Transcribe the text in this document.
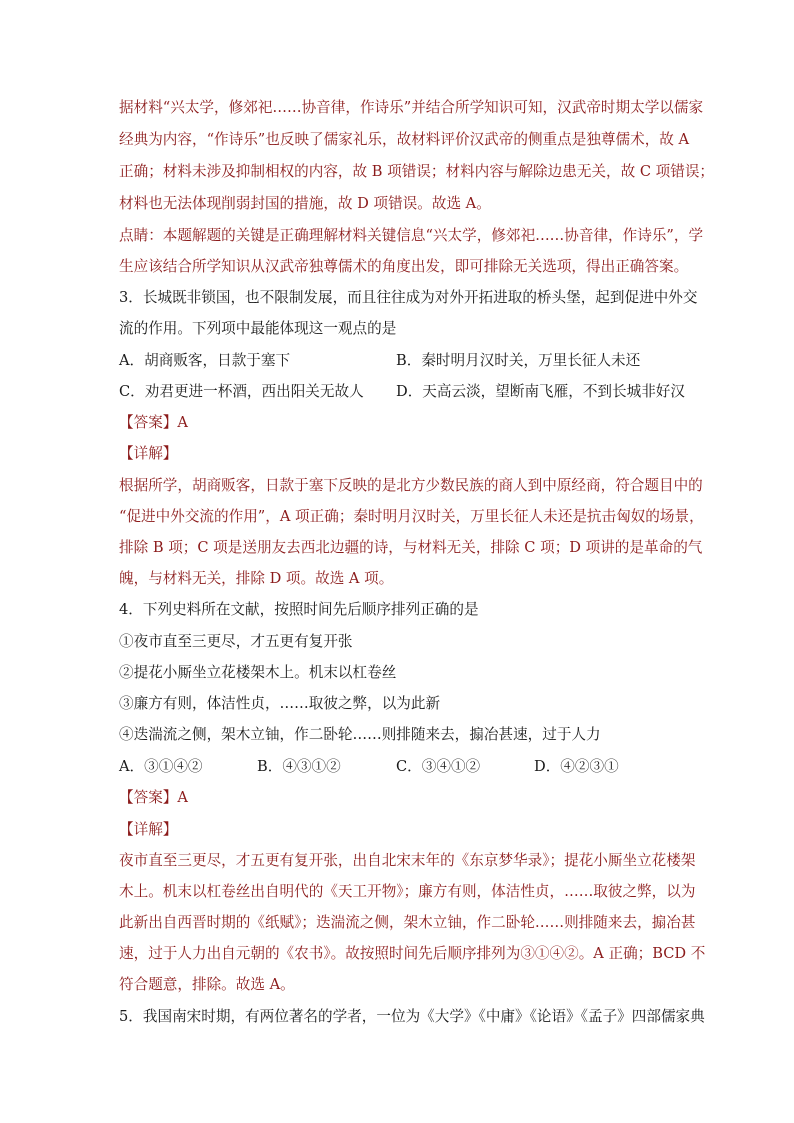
据材料“兴太学，修郊祀……协音律，作诗乐”并结合所学知识可知，汉武帝时期太学以儒家
经典为内容，“作诗乐”也反映了儒家礼乐，故材料评价汉武帝的侧重点是独尊儒术，故 A
正确；材料未涉及抑制相权的内容，故 B 项错误；材料内容与解除边患无关，故 C 项错误；
材料也无法体现削弱封国的措施，故 D 项错误。故选 A。
点睛：本题解题的关键是正确理解材料关键信息“兴太学，修郊祀……协音律，作诗乐”，学
生应该结合所学知识从汉武帝独尊儒术的角度出发，即可排除无关选项，得出正确答案。
3．长城既非锁国，也不限制发展，而且往往成为对外开拓进取的桥头堡，起到促进中外交
流的作用。下列项中最能体现这一观点的是
A．胡商贩客，日款于塞下	B．秦时明月汉时关，万里长征人未还
C．劝君更进一杯酒，西出阳关无故人 D．天高云淡，望断南飞雁，不到长城非好汉
【答案】A
【详解】
根据所学，胡商贩客，日款于塞下反映的是北方少数民族的商人到中原经商，符合题目中的
“促进中外交流的作用”，A 项正确；秦时明月汉时关，万里长征人未还是抗击匈奴的场景，
排除 B 项；C 项是送朋友去西北边疆的诗，与材料无关，排除 C 项；D 项讲的是革命的气
魄，与材料无关，排除 D 项。故选 A 项。
4．下列史料所在文献，按照时间先后顺序排列正确的是
①夜市直至三更尽，才五更有复开张
②提花小厮坐立花楼架木上。机末以杠卷丝
③廉方有则，体洁性贞，……取彼之弊，以为此新
④迭湍流之侧，架木立铀，作二卧轮……则排随来去，搧冶甚速，过于人力
A．③①④②	B．④③①②	C．③④①②	D．④②③①
【答案】A
【详解】
夜市直至三更尽，才五更有复开张，出自北宋末年的《东京梦华录》；提花小厮坐立花楼架
木上。机末以杠卷丝出自明代的《天工开物》；廉方有则，体洁性贞，……取彼之弊，以为
此新出自西晋时期的《纸赋》；迭湍流之侧，架木立铀，作二卧轮……则排随来去，搧冶甚
速，过于人力出自元朝的《农书》。故按照时间先后顺序排列为③①④②。A 正确；BCD 不
符合题意，排除。故选 A。
5．我国南宋时期，有两位著名的学者，一位为《大学》《中庸》《论语》《孟子》四部儒家典
